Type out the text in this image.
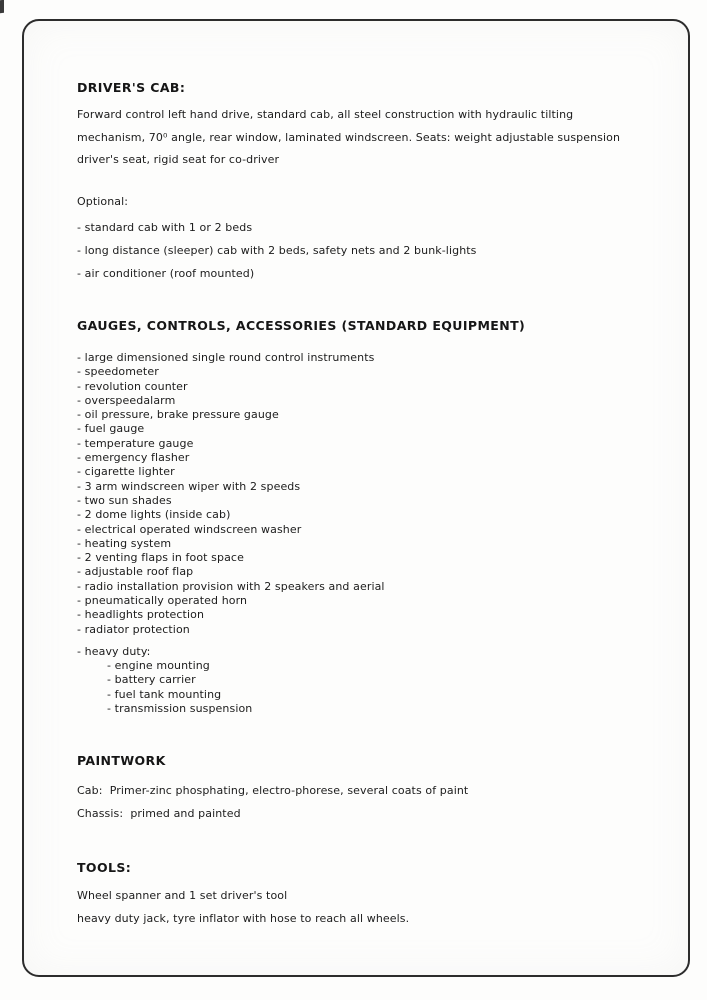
DRIVER'S CAB:
Forward control left hand drive, standard cab, all steel construction with hydraulic tilting
mechanism, 70⁰ angle, rear window, laminated windscreen. Seats: weight adjustable suspension
driver's seat, rigid seat for co-driver
Optional:
- standard cab with 1 or 2 beds
- long distance (sleeper) cab with 2 beds, safety nets and 2 bunk-lights
- air conditioner (roof mounted)
GAUGES, CONTROLS, ACCESSORIES (STANDARD EQUIPMENT)
- large dimensioned single round control instruments
- speedometer
- revolution counter
- overspeedalarm
- oil pressure, brake pressure gauge
- fuel gauge
- temperature gauge
- emergency flasher
- cigarette lighter
- 3 arm windscreen wiper with 2 speeds
- two sun shades
- 2 dome lights (inside cab)
- electrical operated windscreen washer
- heating system
- 2 venting flaps in foot space
- adjustable roof flap
- radio installation provision with 2 speakers and aerial
- pneumatically operated horn
- headlights protection
- radiator protection
- heavy duty:
- engine mounting
- battery carrier
- fuel tank mounting
- transmission suspension
PAINTWORK
Cab:  Primer-zinc phosphating, electro-phorese, several coats of paint
Chassis:  primed and painted
TOOLS:
Wheel spanner and 1 set driver's tool
heavy duty jack, tyre inflator with hose to reach all wheels.
